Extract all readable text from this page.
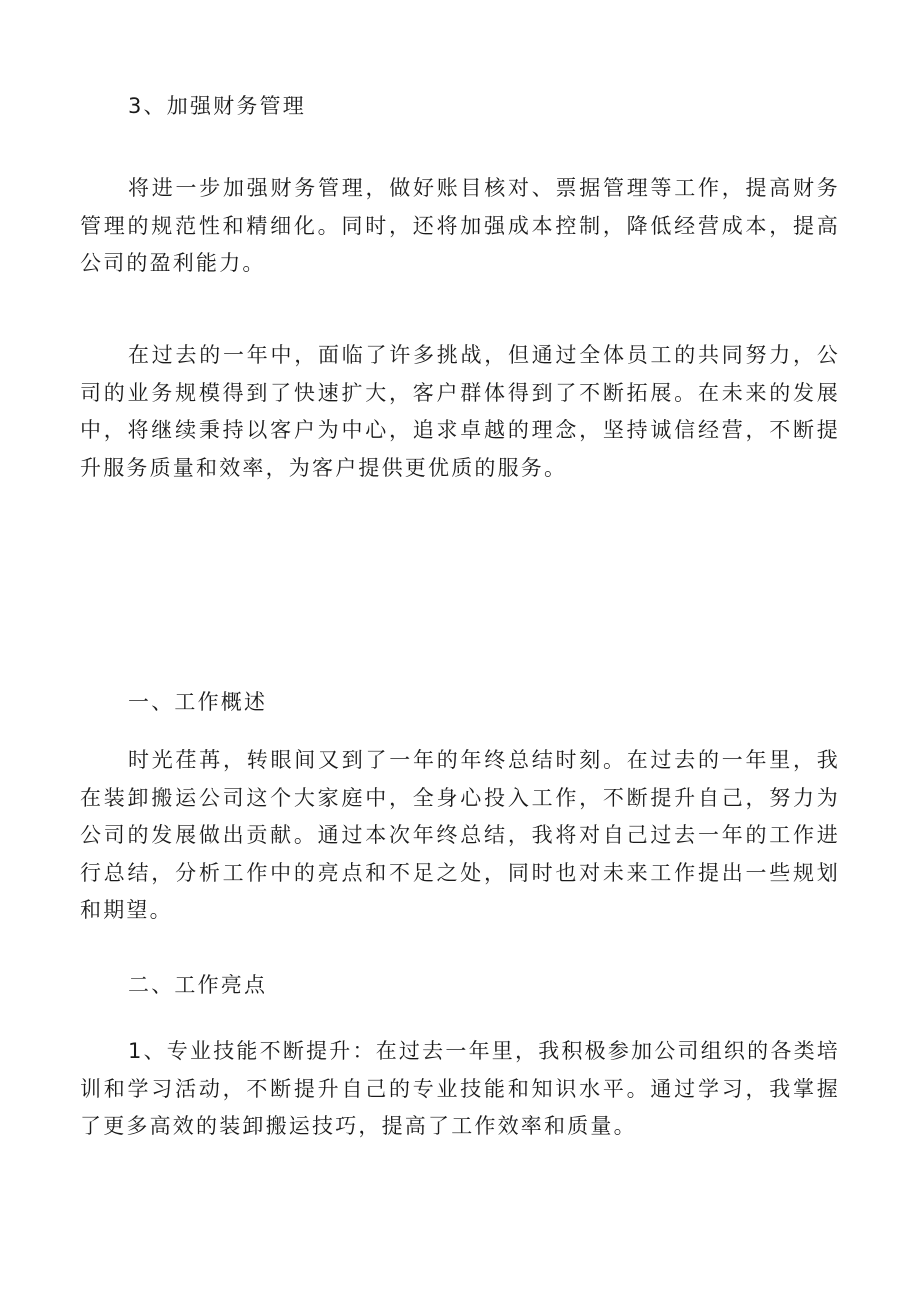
3、加强财务管理

将进一步加强财务管理，做好账目核对、票据管理等工作，提高财务管理的规范性和精细化。同时，还将加强成本控制，降低经营成本，提高公司的盈利能力。

在过去的一年中，面临了许多挑战，但通过全体员工的共同努力，公司的业务规模得到了快速扩大，客户群体得到了不断拓展。在未来的发展中，将继续秉持以客户为中心，追求卓越的理念，坚持诚信经营，不断提升服务质量和效率，为客户提供更优质的服务。

一、工作概述

时光荏苒，转眼间又到了一年的年终总结时刻。在过去的一年里，我在装卸搬运公司这个大家庭中，全身心投入工作，不断提升自己，努力为公司的发展做出贡献。通过本次年终总结，我将对自己过去一年的工作进行总结，分析工作中的亮点和不足之处，同时也对未来工作提出一些规划和期望。

二、工作亮点

1、专业技能不断提升：在过去一年里，我积极参加公司组织的各类培训和学习活动，不断提升自己的专业技能和知识水平。通过学习，我掌握了更多高效的装卸搬运技巧，提高了工作效率和质量。
